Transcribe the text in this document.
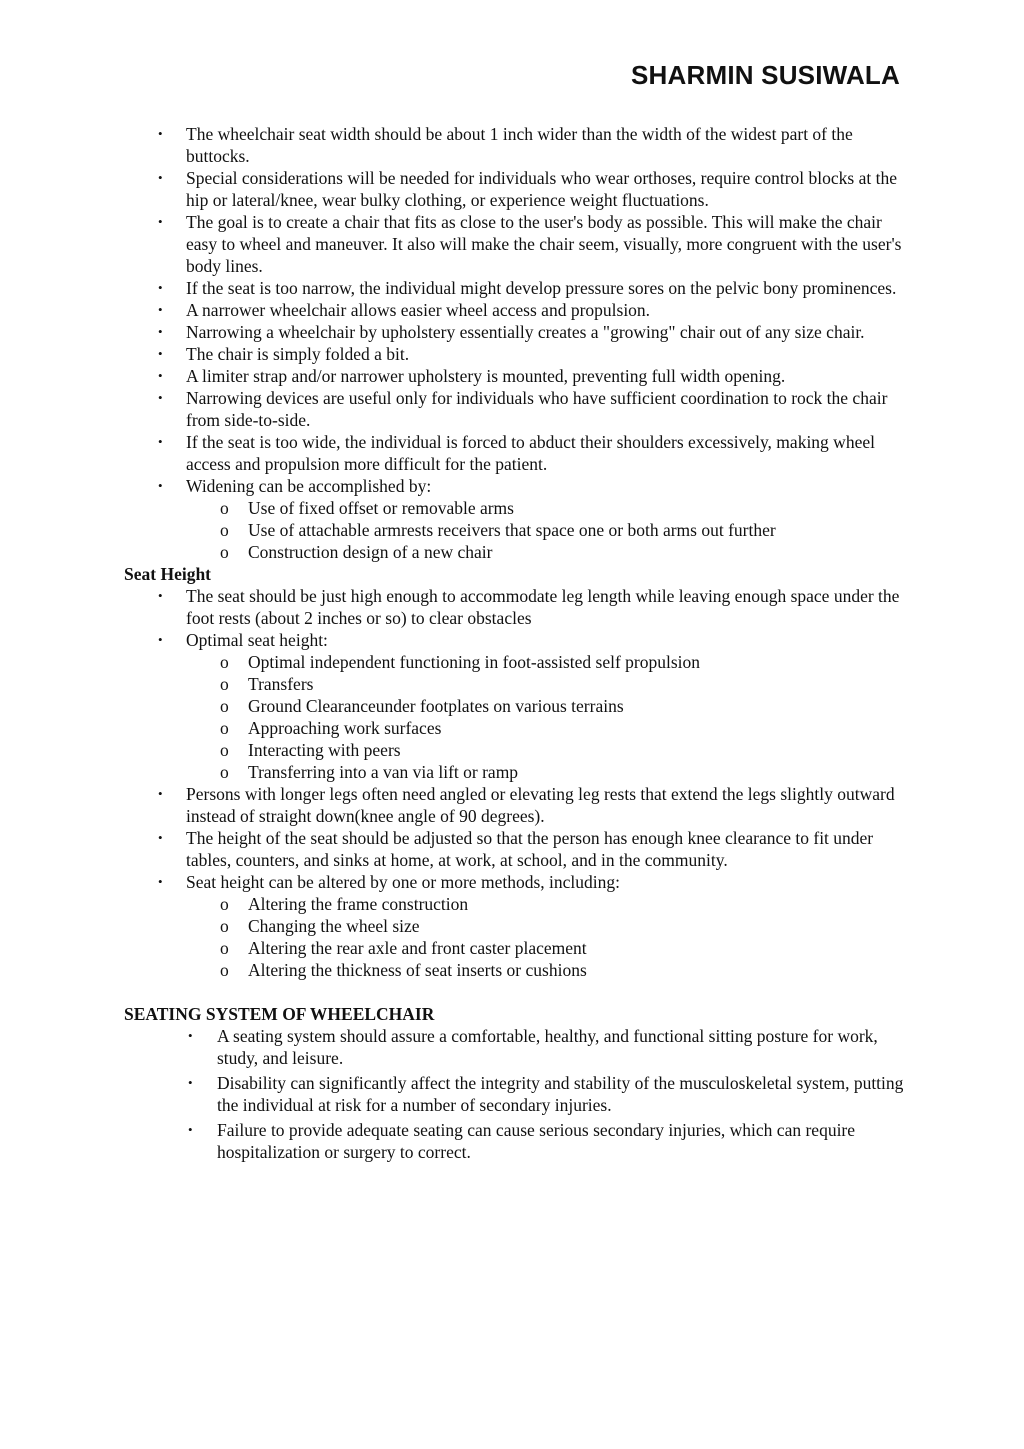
SHARMIN SUSIWALA
• The wheelchair seat width should be about 1 inch wider than the width of the widest part of the buttocks.
• Special considerations will be needed for individuals who wear orthoses, require control blocks at the hip or lateral/knee, wear bulky clothing, or experience weight fluctuations.
• The goal is to create a chair that fits as close to the user's body as possible. This will make the chair easy to wheel and maneuver. It also will make the chair seem, visually, more congruent with the user's body lines.
• If the seat is too narrow, the individual might develop pressure sores on the pelvic bony prominences.
• A narrower wheelchair allows easier wheel access and propulsion.
• Narrowing a wheelchair by upholstery essentially creates a "growing" chair out of any size chair.
• The chair is simply folded a bit.
• A limiter strap and/or narrower upholstery is mounted, preventing full width opening.
• Narrowing devices are useful only for individuals who have sufficient coordination to rock the chair from side-to-side.
• If the seat is too wide, the individual is forced to abduct their shoulders excessively, making wheel access and propulsion more difficult for the patient.
• Widening can be accomplished by:
o Use of fixed offset or removable arms
o Use of attachable armrests receivers that space one or both arms out further
o Construction design of a new chair
Seat Height
• The seat should be just high enough to accommodate leg length while leaving enough space under the foot rests (about 2 inches or so) to clear obstacles
• Optimal seat height:
o Optimal independent functioning in foot-assisted self propulsion
o Transfers
o Ground Clearanceunder footplates on various terrains
o Approaching work surfaces
o Interacting with peers
o Transferring into a van via lift or ramp
• Persons with longer legs often need angled or elevating leg rests that extend the legs slightly outward instead of straight down(knee angle of 90 degrees).
• The height of the seat should be adjusted so that the person has enough knee clearance to fit under tables, counters, and sinks at home, at work, at school, and in the community.
• Seat height can be altered by one or more methods, including:
o Altering the frame construction
o Changing the wheel size
o Altering the rear axle and front caster placement
o Altering the thickness of seat inserts or cushions
SEATING SYSTEM OF WHEELCHAIR
• A seating system should assure a comfortable, healthy, and functional sitting posture for work, study, and leisure.
• Disability can significantly affect the integrity and stability of the musculoskeletal system, putting the individual at risk for a number of secondary injuries.
• Failure to provide adequate seating can cause serious secondary injuries, which can require hospitalization or surgery to correct.
